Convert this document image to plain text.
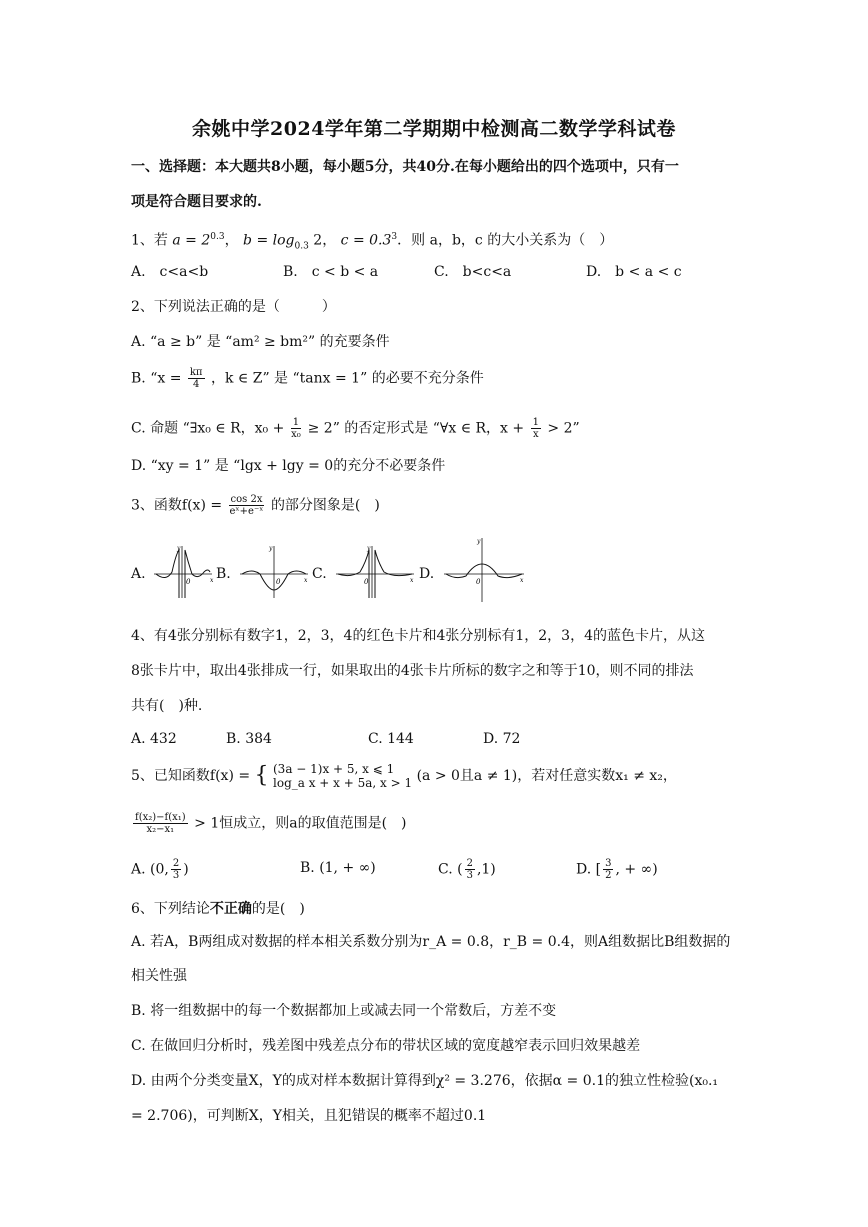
余姚中学2024学年第二学期期中检测高二数学学科试卷
一、选择题：本大题共8小题，每小题5分，共40分.在每小题给出的四个选项中，只有一
项是符合题目要求的.
1、若 $a = 2^{0.3}$， $b = \log_{0.3} 2$， $c = 0.3^3$．则 a，b，c 的大小关系为（　）
A.　c<a<b	B.　c < b < a	C.　b<c<a	D.　b < a < c
2、下列说法正确的是（　　　）
A. “a ≥ b” 是 “am² ≥ bm²” 的充要条件
B. “$x = \frac{k\pi}{4}$ ，k ∈ Z” 是 “tanx = 1” 的必要不充分条件
C. 命题 “∃x₀ ∈ R，$x_0 + \frac{1}{\text{x₀}} \ge 2$” 的否定形式是 “∀x ∈ R，$x + \frac{1}{x} > 2$”
D. “xy = 1” 是 “lgx + lgy = 0的充分不必要条件
3、函数$f(x) = \frac{\cos 2x}{\text{eˣ+e⁻ˣ}}$ 的部分图象是(　)
A.	0	x
y
B.	0	x
y
C.	0	x
y
D.	0	x
y
4、有4张分别标有数字1，2，3，4的红色卡片和4张分别标有1，2，3，4的蓝色卡片，从这
8张卡片中，取出4张排成一行，如果取出的4张卡片所标的数字之和等于10，则不同的排法
共有(　)种.
A. 432	B. 384	C. 144	D. 72
5、已知函数f(x) = { (3a − 1)x + 5, x ⩽ 1
log_a x + x + 5a, x > 1 (a > 0且a ≠ 1)，若对任意实数x₁ ≠ x₂，
$\frac{\text{f(x₂)−f(x₁)}}{\text{x₂−x₁}} > 1$恒成立，则a的取值范围是(　)
A. (0, $\frac{2}{3}$ )	B. (1, + ∞)	C. ( $\frac{2}{3} ,1$)	D. [ $\frac{3}{2}$ , + ∞)
6、下列结论不正确的是(　)
A. 若A，B两组成对数据的样本相关系数分别为r_A = 0.8，r_B = 0.4，则A组数据比B组数据的
相关性强
B. 将一组数据中的每一个数据都加上或减去同一个常数后，方差不变
C. 在做回归分析时，残差图中残差点分布的带状区域的宽度越窄表示回归效果越差
D. 由两个分类变量X，Y的成对样本数据计算得到χ² = 3.276，依据α = 0.1的独立性检验(x₀.₁
= 2.706)，可判断X，Y相关，且犯错误的概率不超过0.1
